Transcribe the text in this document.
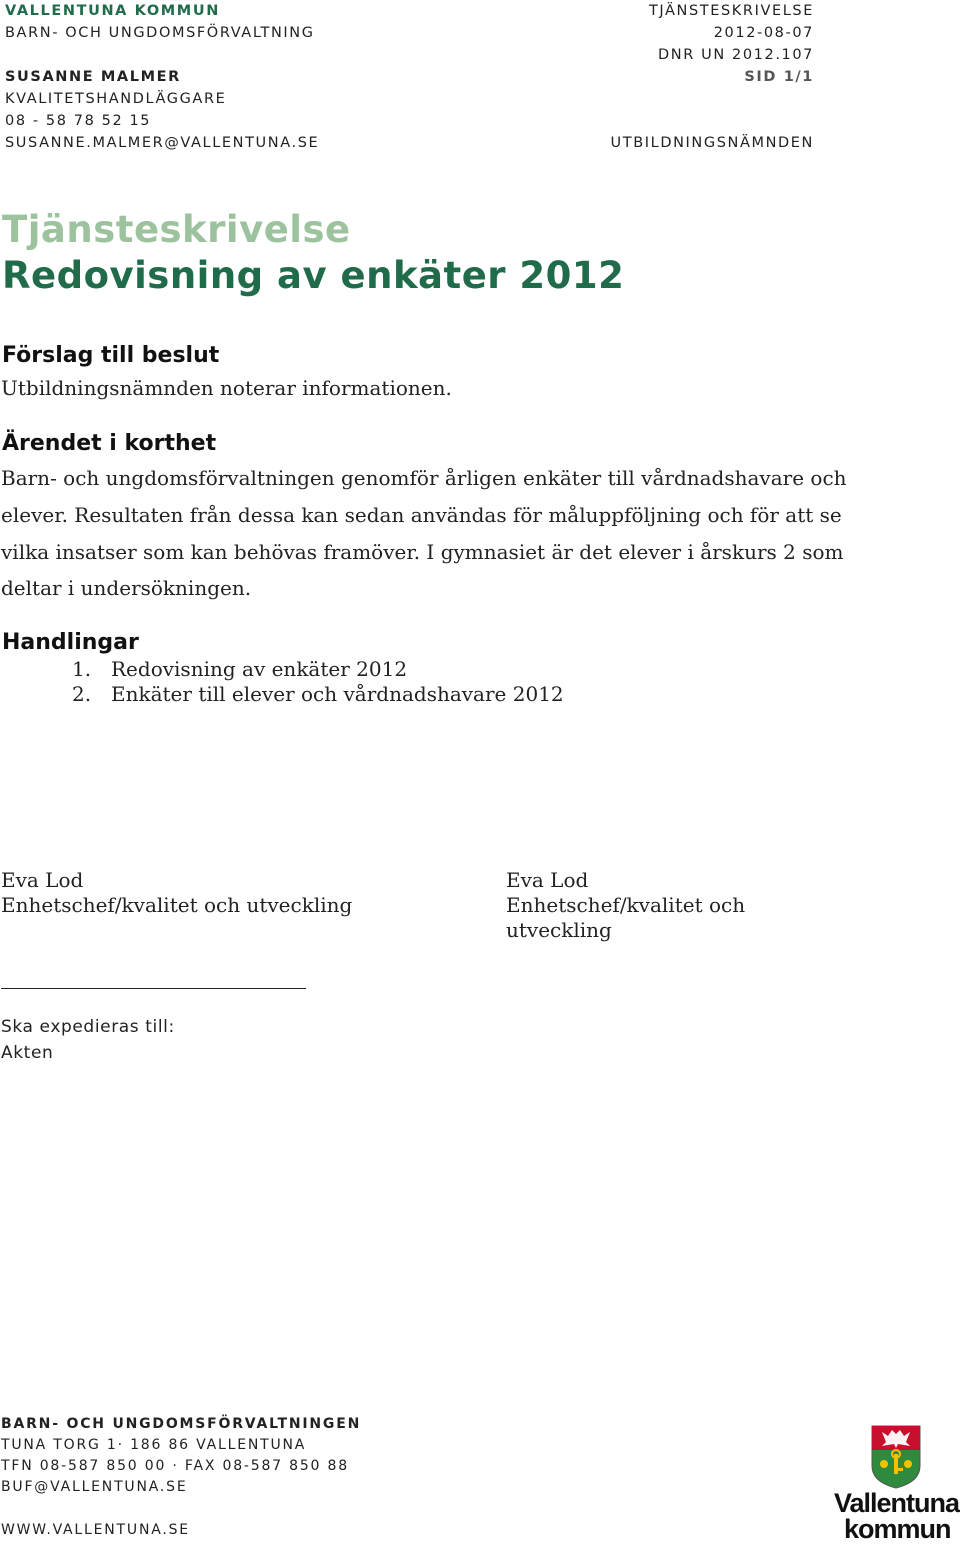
VALLENTUNA KOMMUN
BARN- OCH UNGDOMSFÖRVALTNING
SUSANNE MALMER
KVALITETSHANDLÄGGARE
08 - 58 78 52 15
SUSANNE.MALMER@VALLENTUNA.SE
TJÄNSTESKRIVELSE
2012-08-07
DNR UN 2012.107
SID 1/1
UTBILDNINGSNÄMNDEN
Tjänsteskrivelse
Redovisning av enkäter 2012
Förslag till beslut
Utbildningsnämnden noterar informationen.
Ärendet i korthet
Barn- och ungdomsförvaltningen genomför årligen enkäter till vårdnadshavare och
elever. Resultaten från dessa kan sedan användas för måluppföljning och för att se
vilka insatser som kan behövas framöver. I gymnasiet är det elever i årskurs 2 som
deltar i undersökningen.
Handlingar
1. Redovisning av enkäter 2012
2. Enkäter till elever och vårdnadshavare 2012
Eva Lod
Enhetschef/kvalitet och utveckling
Eva Lod
Enhetschef/kvalitet och
utveckling
Ska expedieras till:
Akten
BARN- OCH UNGDOMSFÖRVALTNINGEN
TUNA TORG 1· 186 86 VALLENTUNA
TFN 08-587 850 00 · FAX 08-587 850 88
BUF@VALLENTUNA.SE
WWW.VALLENTUNA.SE
Vallentuna
kommun
